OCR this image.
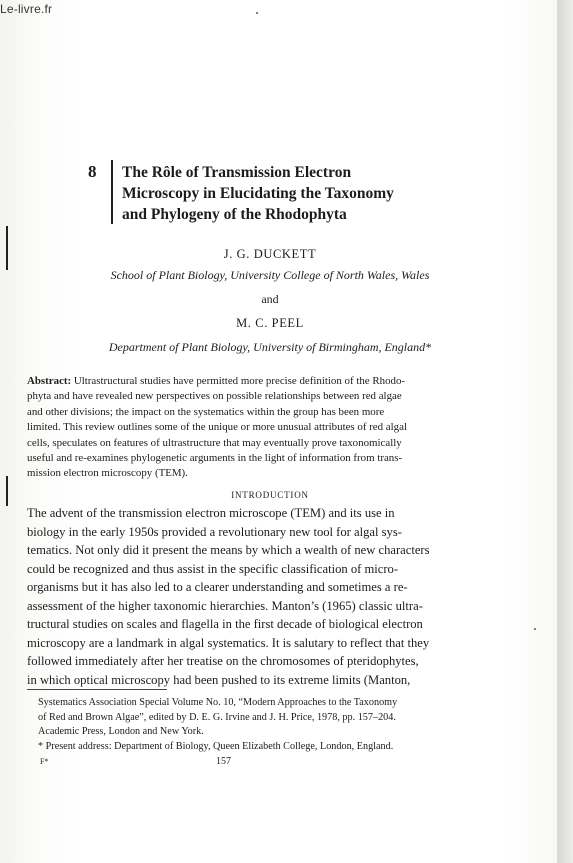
Le-livre.fr
8 The Rôle of Transmission Electron
Microscopy in Elucidating the Taxonomy
and Phylogeny of the Rhodophyta
J. G. DUCKETT
School of Plant Biology, University College of North Wales, Wales
and
M. C. PEEL
Department of Plant Biology, University of Birmingham, England*
Abstract: Ultrastructural studies have permitted more precise definition of the Rhodo-
phyta and have revealed new perspectives on possible relationships between red algae
and other divisions; the impact on the systematics within the group has been more
limited. This review outlines some of the unique or more unusual attributes of red algal
cells, speculates on features of ultrastructure that may eventually prove taxonomically
useful and re-examines phylogenetic arguments in the light of information from trans-
mission electron microscopy (TEM).
INTRODUCTION
The advent of the transmission electron microscope (TEM) and its use in
biology in the early 1950s provided a revolutionary new tool for algal sys-
tematics. Not only did it present the means by which a wealth of new characters
could be recognized and thus assist in the specific classification of micro-
organisms but it has also led to a clearer understanding and sometimes a re-
assessment of the higher taxonomic hierarchies. Manton’s (1965) classic ultra-
tructural studies on scales and flagella in the first decade of biological electron
microscopy are a landmark in algal systematics. It is salutary to reflect that they
followed immediately after her treatise on the chromosomes of pteridophytes,
in which optical microscopy had been pushed to its extreme limits (Manton,
Systematics Association Special Volume No. 10, “Modern Approaches to the Taxonomy
of Red and Brown Algae”, edited by D. E. G. Irvine and J. H. Price, 1978, pp. 157–204.
Academic Press, London and New York.
* Present address: Department of Biology, Queen Elizabeth College, London, England.
F*	157
